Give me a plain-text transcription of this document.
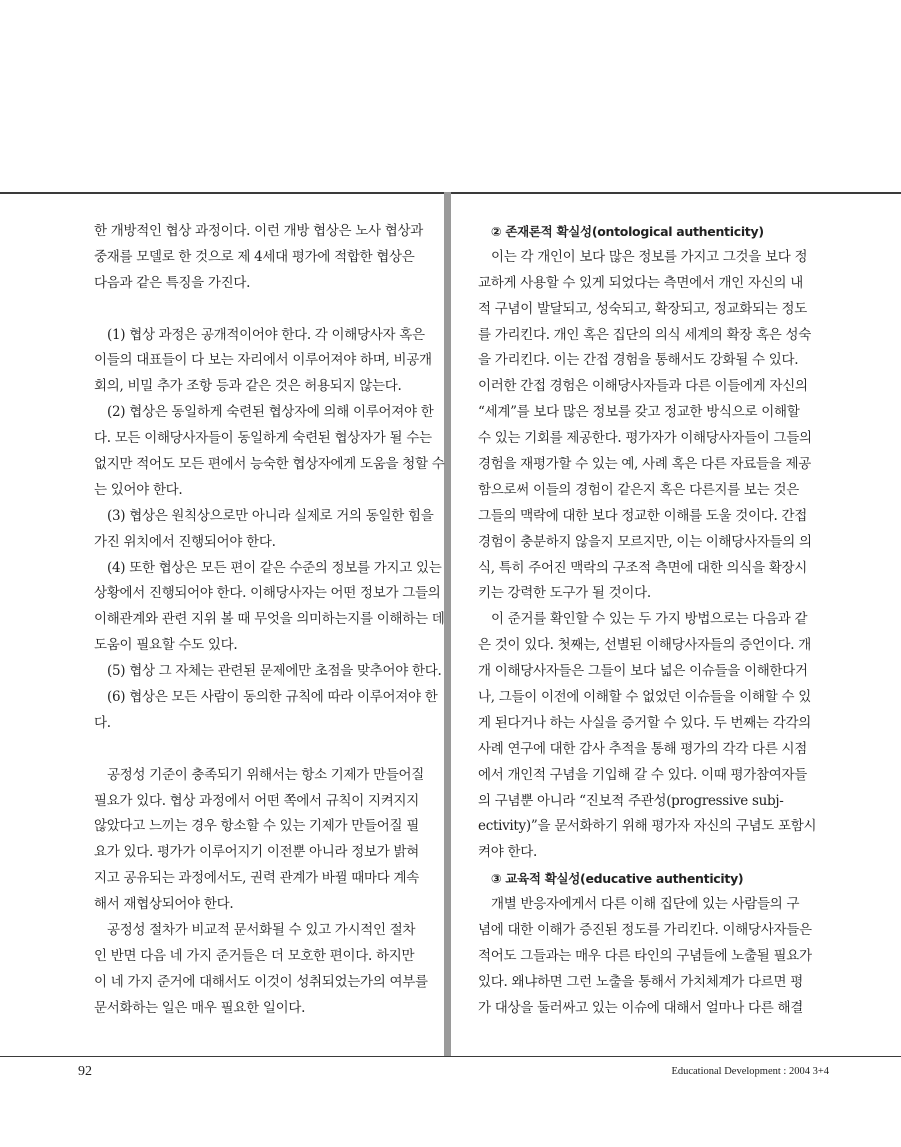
한 개방적인 협상 과정이다. 이런 개방 협상은 노사 협상과
중재를 모델로 한 것으로 제 4세대 평가에 적합한 협상은
다음과 같은 특징을 가진다.
(1) 협상 과정은 공개적이어야 한다. 각 이해당사자 혹은
이들의 대표들이 다 보는 자리에서 이루어져야 하며, 비공개
회의, 비밀 추가 조항 등과 같은 것은 허용되지 않는다.
(2) 협상은 동일하게 숙련된 협상자에 의해 이루어져야 한
다. 모든 이해당사자들이 동일하게 숙련된 협상자가 될 수는
없지만 적어도 모든 편에서 능숙한 협상자에게 도움을 청할 수
는 있어야 한다.
(3) 협상은 원칙상으로만 아니라 실제로 거의 동일한 힘을
가진 위치에서 진행되어야 한다.
(4) 또한 협상은 모든 편이 같은 수준의 정보를 가지고 있는
상황에서 진행되어야 한다. 이해당사자는 어떤 정보가 그들의
이해관계와 관련 지위 볼 때 무엇을 의미하는지를 이해하는 데
도움이 필요할 수도 있다.
(5) 협상 그 자체는 관련된 문제에만 초점을 맞추어야 한다.
(6) 협상은 모든 사람이 동의한 규칙에 따라 이루어져야 한
다.
공정성 기준이 충족되기 위해서는 항소 기제가 만들어질
필요가 있다. 협상 과정에서 어떤 쪽에서 규칙이 지켜지지
않았다고 느끼는 경우 항소할 수 있는 기제가 만들어질 필
요가 있다. 평가가 이루어지기 이전뿐 아니라 정보가 밝혀
지고 공유되는 과정에서도, 권력 관계가 바뀔 때마다 계속
해서 재협상되어야 한다.
공정성 절차가 비교적 문서화될 수 있고 가시적인 절차
인 반면 다음 네 가지 준거들은 더 모호한 편이다. 하지만
이 네 가지 준거에 대해서도 이것이 성취되었는가의 여부를
문서화하는 일은 매우 필요한 일이다.
② 존재론적 확실성(ontological authenticity)
이는 각 개인이 보다 많은 정보를 가지고 그것을 보다 정
교하게 사용할 수 있게 되었다는 측면에서 개인 자신의 내
적 구념이 발달되고, 성숙되고, 확장되고, 정교화되는 정도
를 가리킨다. 개인 혹은 집단의 의식 세계의 확장 혹은 성숙
을 가리킨다. 이는 간접 경험을 통해서도 강화될 수 있다.
이러한 간접 경험은 이해당사자들과 다른 이들에게 자신의
“세계”를 보다 많은 정보를 갖고 정교한 방식으로 이해할
수 있는 기회를 제공한다. 평가자가 이해당사자들이 그들의
경험을 재평가할 수 있는 예, 사례 혹은 다른 자료들을 제공
함으로써 이들의 경험이 같은지 혹은 다른지를 보는 것은
그들의 맥락에 대한 보다 정교한 이해를 도울 것이다. 간접
경험이 충분하지 않을지 모르지만, 이는 이해당사자들의 의
식, 특히 주어진 맥락의 구조적 측면에 대한 의식을 확장시
키는 강력한 도구가 될 것이다.
이 준거를 확인할 수 있는 두 가지 방법으로는 다음과 같
은 것이 있다. 첫째는, 선별된 이해당사자들의 증언이다. 개
개 이해당사자들은 그들이 보다 넓은 이슈들을 이해한다거
나, 그들이 이전에 이해할 수 없었던 이슈들을 이해할 수 있
게 된다거나 하는 사실을 증거할 수 있다. 두 번째는 각각의
사례 연구에 대한 감사 추적을 통해 평가의 각각 다른 시점
에서 개인적 구념을 기입해 갈 수 있다. 이때 평가참여자들
의 구념뿐 아니라 “진보적 주관성(progressive subj-
ectivity)”을 문서화하기 위해 평가자 자신의 구념도 포함시
켜야 한다.
③ 교육적 확실성(educative authenticity)
개별 반응자에게서 다른 이해 집단에 있는 사람들의 구
념에 대한 이해가 증진된 정도를 가리킨다. 이해당사자들은
적어도 그들과는 매우 다른 타인의 구념들에 노출될 필요가
있다. 왜냐하면 그런 노출을 통해서 가치체계가 다르면 평
가 대상을 둘러싸고 있는 이슈에 대해서 얼마나 다른 해결
92	Educational Development : 2004 3+4
